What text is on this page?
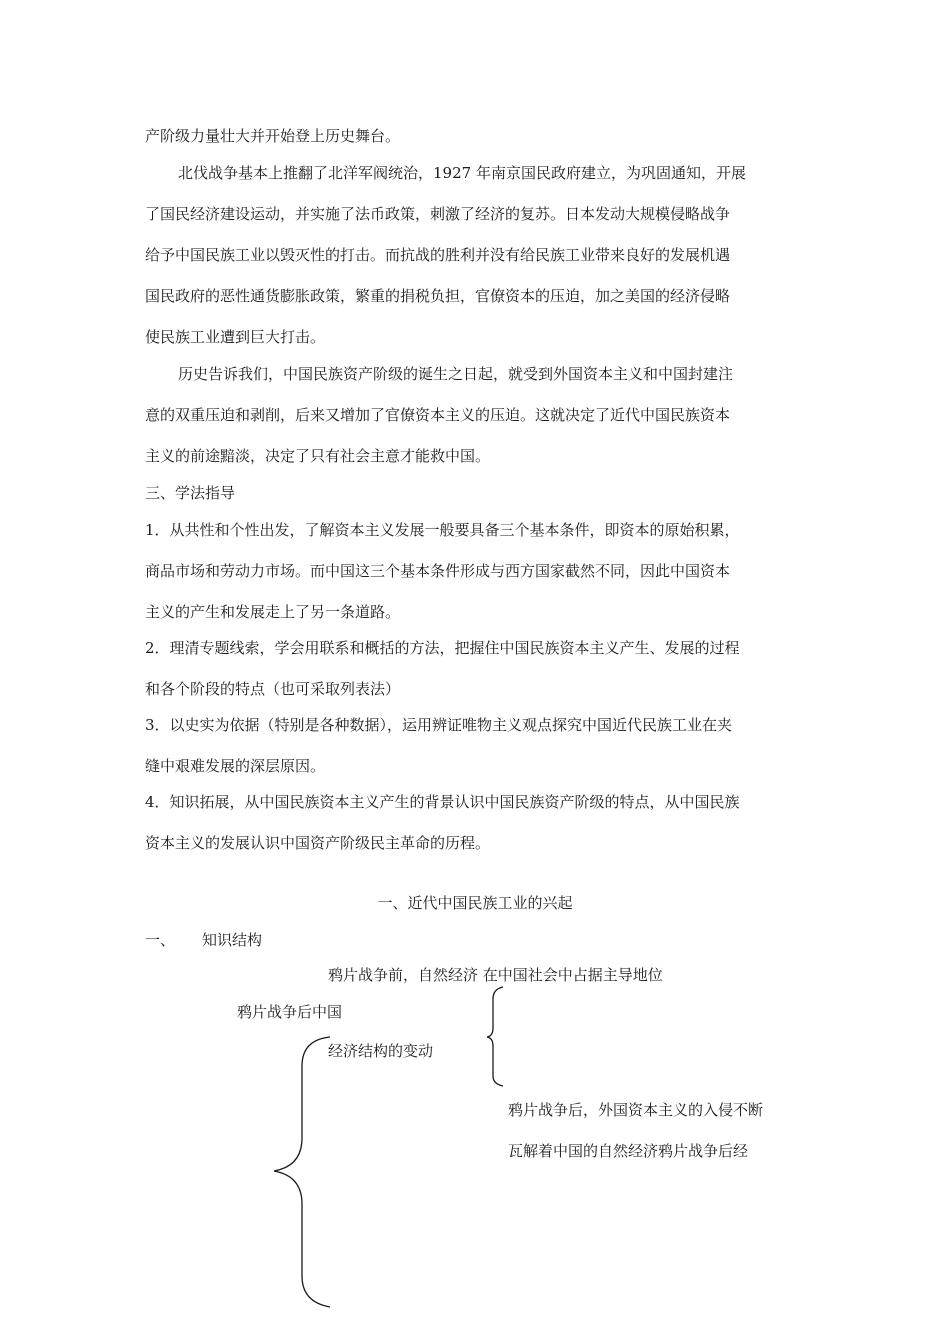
产阶级力量壮大并开始登上历史舞台。
北伐战争基本上推翻了北洋军阀统治，1927 年南京国民政府建立，为巩固通知，开展
了国民经济建设运动，并实施了法币政策，刺激了经济的复苏。日本发动大规模侵略战争
给予中国民族工业以毁灭性的打击。而抗战的胜利并没有给民族工业带来良好的发展机遇
国民政府的恶性通货膨胀政策，繁重的捐税负担，官僚资本的压迫，加之美国的经济侵略
使民族工业遭到巨大打击。
历史告诉我们，中国民族资产阶级的诞生之日起，就受到外国资本主义和中国封建注
意的双重压迫和剥削，后来又增加了官僚资本主义的压迫。这就决定了近代中国民族资本
主义的前途黯淡，决定了只有社会主意才能救中国。
三、学法指导
1．从共性和个性出发，了解资本主义发展一般要具备三个基本条件，即资本的原始积累，
商品市场和劳动力市场。而中国这三个基本条件形成与西方国家截然不同，因此中国资本
主义的产生和发展走上了另一条道路。
2．理清专题线索，学会用联系和概括的方法，把握住中国民族资本主义产生、发展的过程
和各个阶段的特点（也可采取列表法）
3．以史实为依据（特别是各种数据），运用辨证唯物主义观点探究中国近代民族工业在夹
缝中艰难发展的深层原因。
4．知识拓展，从中国民族资本主义产生的背景认识中国民族资产阶级的特点，从中国民族
资本主义的发展认识中国资产阶级民主革命的历程。
一、近代中国民族工业的兴起
一、 知识结构
鸦片战争前，自然经济 在中国社会中占据主导地位
鸦片战争后中国
经济结构的变动
鸦片战争后，外国资本主义的入侵不断
瓦解着中国的自然经济鸦片战争后经
